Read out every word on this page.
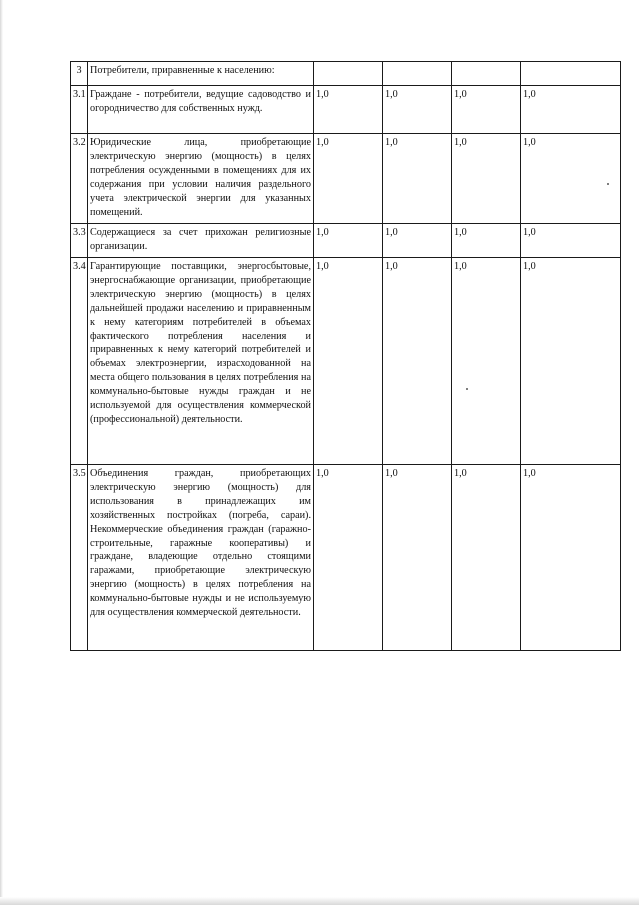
3	Потребители, приравненные к населению:				
3.1	Граждане - потребители, ведущие садоводство и огородничество для собственных нужд.	1,0	1,0	1,0	1,0
3.2	Юридические лица, приобретающие электрическую энергию (мощность) в целях потребления осужденными в помещениях для их содержания при условии наличия раздельного учета электрической энергии для указанных помещений.	1,0	1,0	1,0	1,0
3.3	Содержащиеся за счет прихожан религиозные организации.	1,0	1,0	1,0	1,0
3.4	Гарантирующие поставщики, энергосбытовые, энергоснабжающие организации, приобретающие электрическую энергию (мощность) в целях дальнейшей продажи населению и приравненным к нему категориям потребителей в объемах фактического потребления населения и приравненных к нему категорий потребителей и объемах электроэнергии, израсходованной на места общего пользования в целях потребления на коммунально-бытовые нужды граждан и не используемой для осуществления коммерческой (профессиональной) деятельности.	1,0	1,0	1,0	1,0
3.5	Объединения граждан, приобретающих электрическую энергию (мощность) для использования в принадлежащих им хозяйственных постройках (погреба, сараи). Некоммерческие объединения граждан (гаражно-строительные, гаражные кооперативы) и граждане, владеющие отдельно стоящими гаражами, приобретающие электрическую энергию (мощность) в целях потребления на коммунально-бытовые нужды и не используемую для осуществления коммерческой деятельности.	1,0	1,0	1,0	1,0
